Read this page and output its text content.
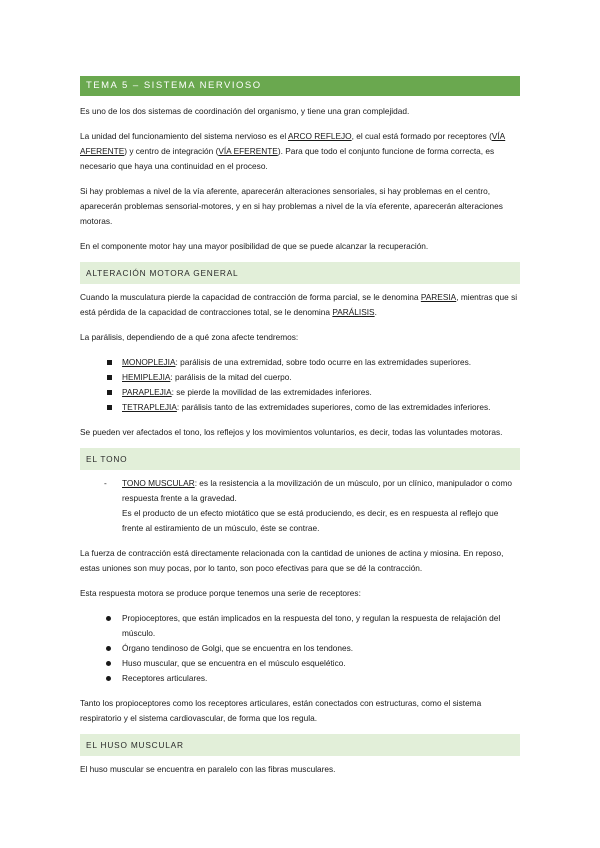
TEMA 5 – SISTEMA NERVIOSO

Es uno de los dos sistemas de coordinación del organismo, y tiene una gran complejidad.

La unidad del funcionamiento del sistema nervioso es el ARCO REFLEJO, el cual está formado por receptores (VÍA AFERENTE) y centro de integración (VÍA EFERENTE). Para que todo el conjunto funcione de forma correcta, es necesario que haya una continuidad en el proceso.

Si hay problemas a nivel de la vía aferente, aparecerán alteraciones sensoriales, si hay problemas en el centro, aparecerán problemas sensorial-motores, y en si hay problemas a nivel de la vía eferente, aparecerán alteraciones motoras.

En el componente motor hay una mayor posibilidad de que se puede alcanzar la recuperación.

ALTERACIÓN MOTORA GENERAL

Cuando la musculatura pierde la capacidad de contracción de forma parcial, se le denomina PARESIA, mientras que si está pérdida de la capacidad de contracciones total, se le denomina PARÁLISIS.

La parálisis, dependiendo de a qué zona afecte tendremos:

MONOPLEJIA: parálisis de una extremidad, sobre todo ocurre en las extremidades superiores.
HEMIPLEJIA: parálisis de la mitad del cuerpo.
PARAPLEJIA: se pierde la movilidad de las extremidades inferiores.
TETRAPLEJIA: parálisis tanto de las extremidades superiores, como de las extremidades inferiores.

Se pueden ver afectados el tono, los reflejos y los movimientos voluntarios, es decir, todas las voluntades motoras.

EL TONO
- TONO MUSCULAR: es la resistencia a la movilización de un músculo, por un clínico, manipulador o como respuesta frente a la gravedad.
Es el producto de un efecto miotático que se está produciendo, es decir, es en respuesta al reflejo que frente al estiramiento de un músculo, éste se contrae.

La fuerza de contracción está directamente relacionada con la cantidad de uniones de actina y miosina. En reposo, estas uniones son muy pocas, por lo tanto, son poco efectivas para que se dé la contracción.

Esta respuesta motora se produce porque tenemos una serie de receptores:

Propioceptores, que están implicados en la respuesta del tono, y regulan la respuesta de relajación del músculo.
Órgano tendinoso de Golgi, que se encuentra en los tendones.
Huso muscular, que se encuentra en el músculo esquelético.
Receptores articulares.

Tanto los propioceptores como los receptores articulares, están conectados con estructuras, como el sistema respiratorio y el sistema cardiovascular, de forma que los regula.

EL HUSO MUSCULAR

El huso muscular se encuentra en paralelo con las fibras musculares.
